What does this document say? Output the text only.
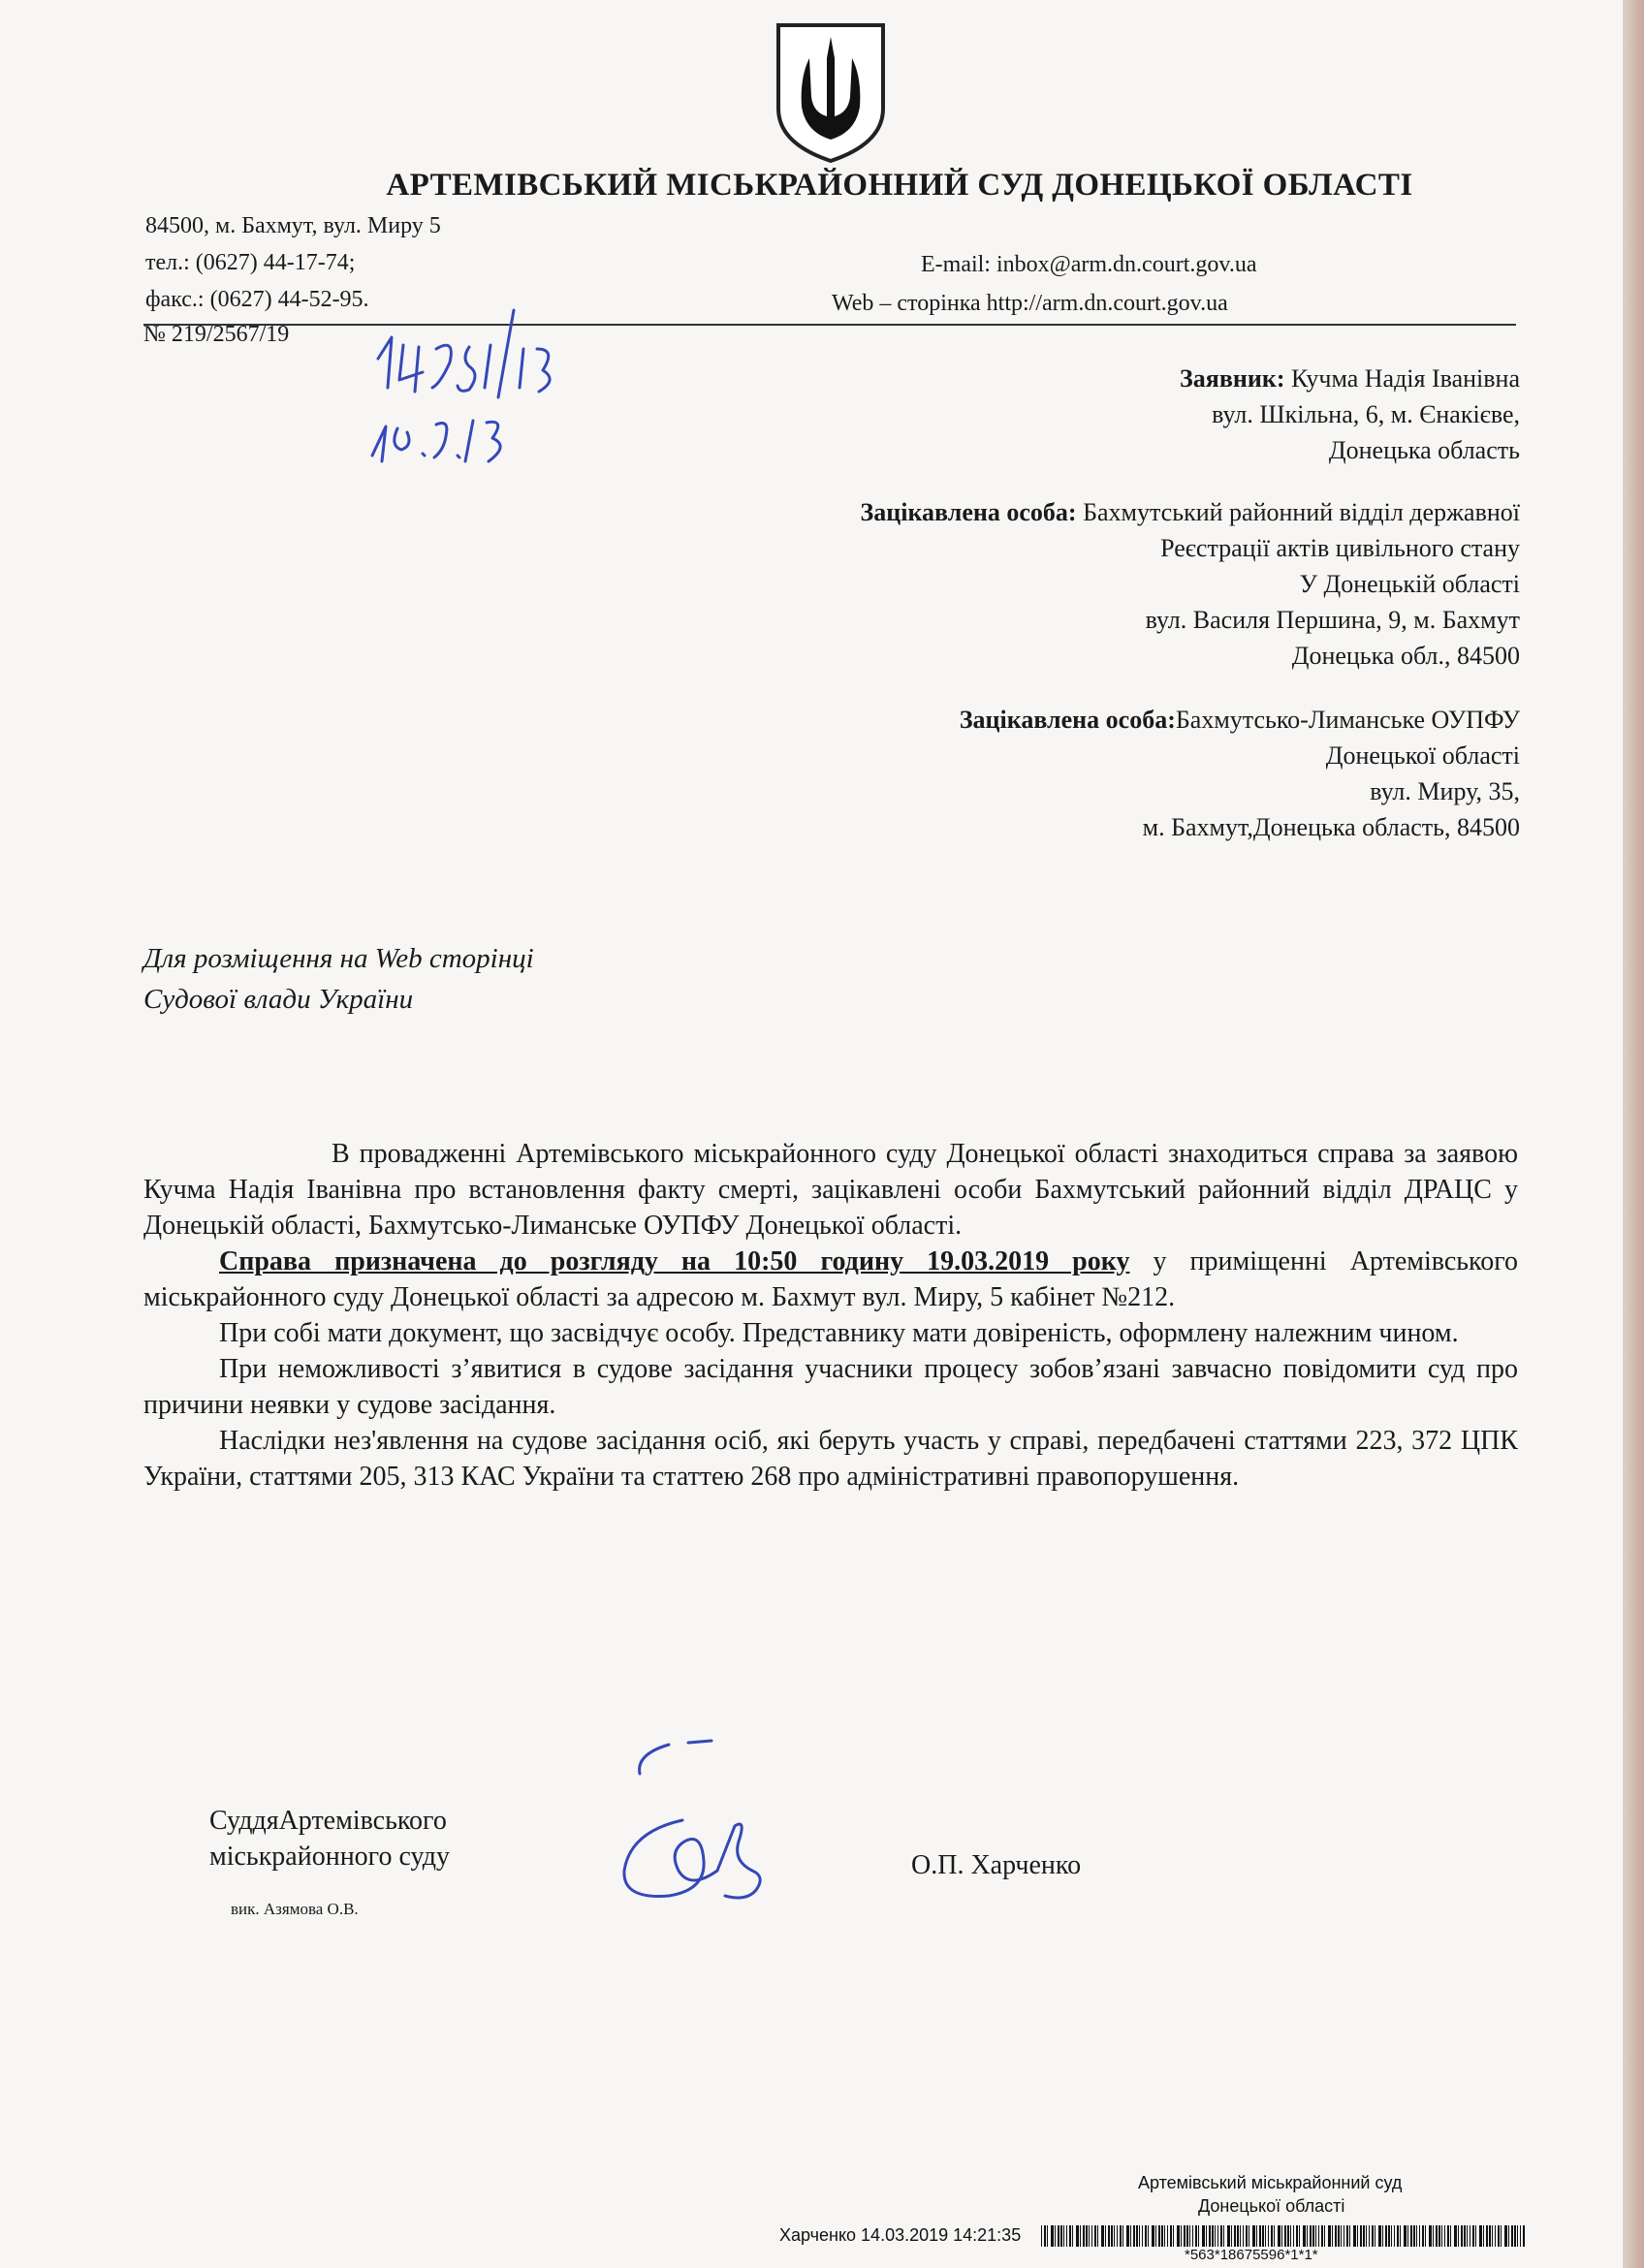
АРТЕМІВСЬКИЙ МІСЬКРАЙОННИЙ СУД ДОНЕЦЬКОЇ ОБЛАСТІ
84500, м. Бахмут, вул. Миру 5
тел.: (0627) 44-17-74;
факс.: (0627) 44-52-95.
E-mail: inbox@arm.dn.court.gov.ua
Web – сторінка http://arm.dn.court.gov.ua
№ 219/2567/19
Заявник: Кучма Надія Іванівна
вул. Шкільна, 6, м. Єнакієве,
Донецька область
Зацікавлена особа: Бахмутський районний відділ державної
Реєстрації актів цивільного стану
У Донецькій області
вул. Василя Першина, 9, м. Бахмут
Донецька обл., 84500
Зацікавлена особа:Бахмутсько-Лиманське ОУПФУ
Донецької області
вул. Миру, 35,
м. Бахмут,Донецька область, 84500
Для розміщення на Web сторінці
Судової влади України

В провадженні Артемівського міськрайонного суду Донецької області знаходиться справа за заявою Кучма Надія Іванівна про встановлення факту смерті, зацікавлені особи Бахмутський районний відділ ДРАЦС у Донецькій області, Бахмутсько-Лиманське ОУПФУ Донецької області.

Справа призначена до розгляду на 10:50 годину 19.03.2019 року у приміщенні Артемівського міськрайонного суду Донецької області за адресою м. Бахмут вул. Миру, 5 кабінет №212.

При собі мати документ, що засвідчує особу. Представнику мати довіреність, оформлену належним чином.

При неможливості з’явитися в судове засідання учасники процесу зобов’язані завчасно повідомити суд про причини неявки у судове засідання.

Наслідки нез'явлення на судове засідання осіб, які беруть участь у справі, передбачені статтями 223, 372 ЦПК України, статтями 205, 313 КАС України та статтею 268 про адміністративні правопорушення.

СуддяАртемівського
міськрайонного суду
вик. Азямова О.В.
О.П. Харченко
Артемівський міськрайонний суд
Донецької області
Харченко 14.03.2019 14:21:35
*563*18675596*1*1*
